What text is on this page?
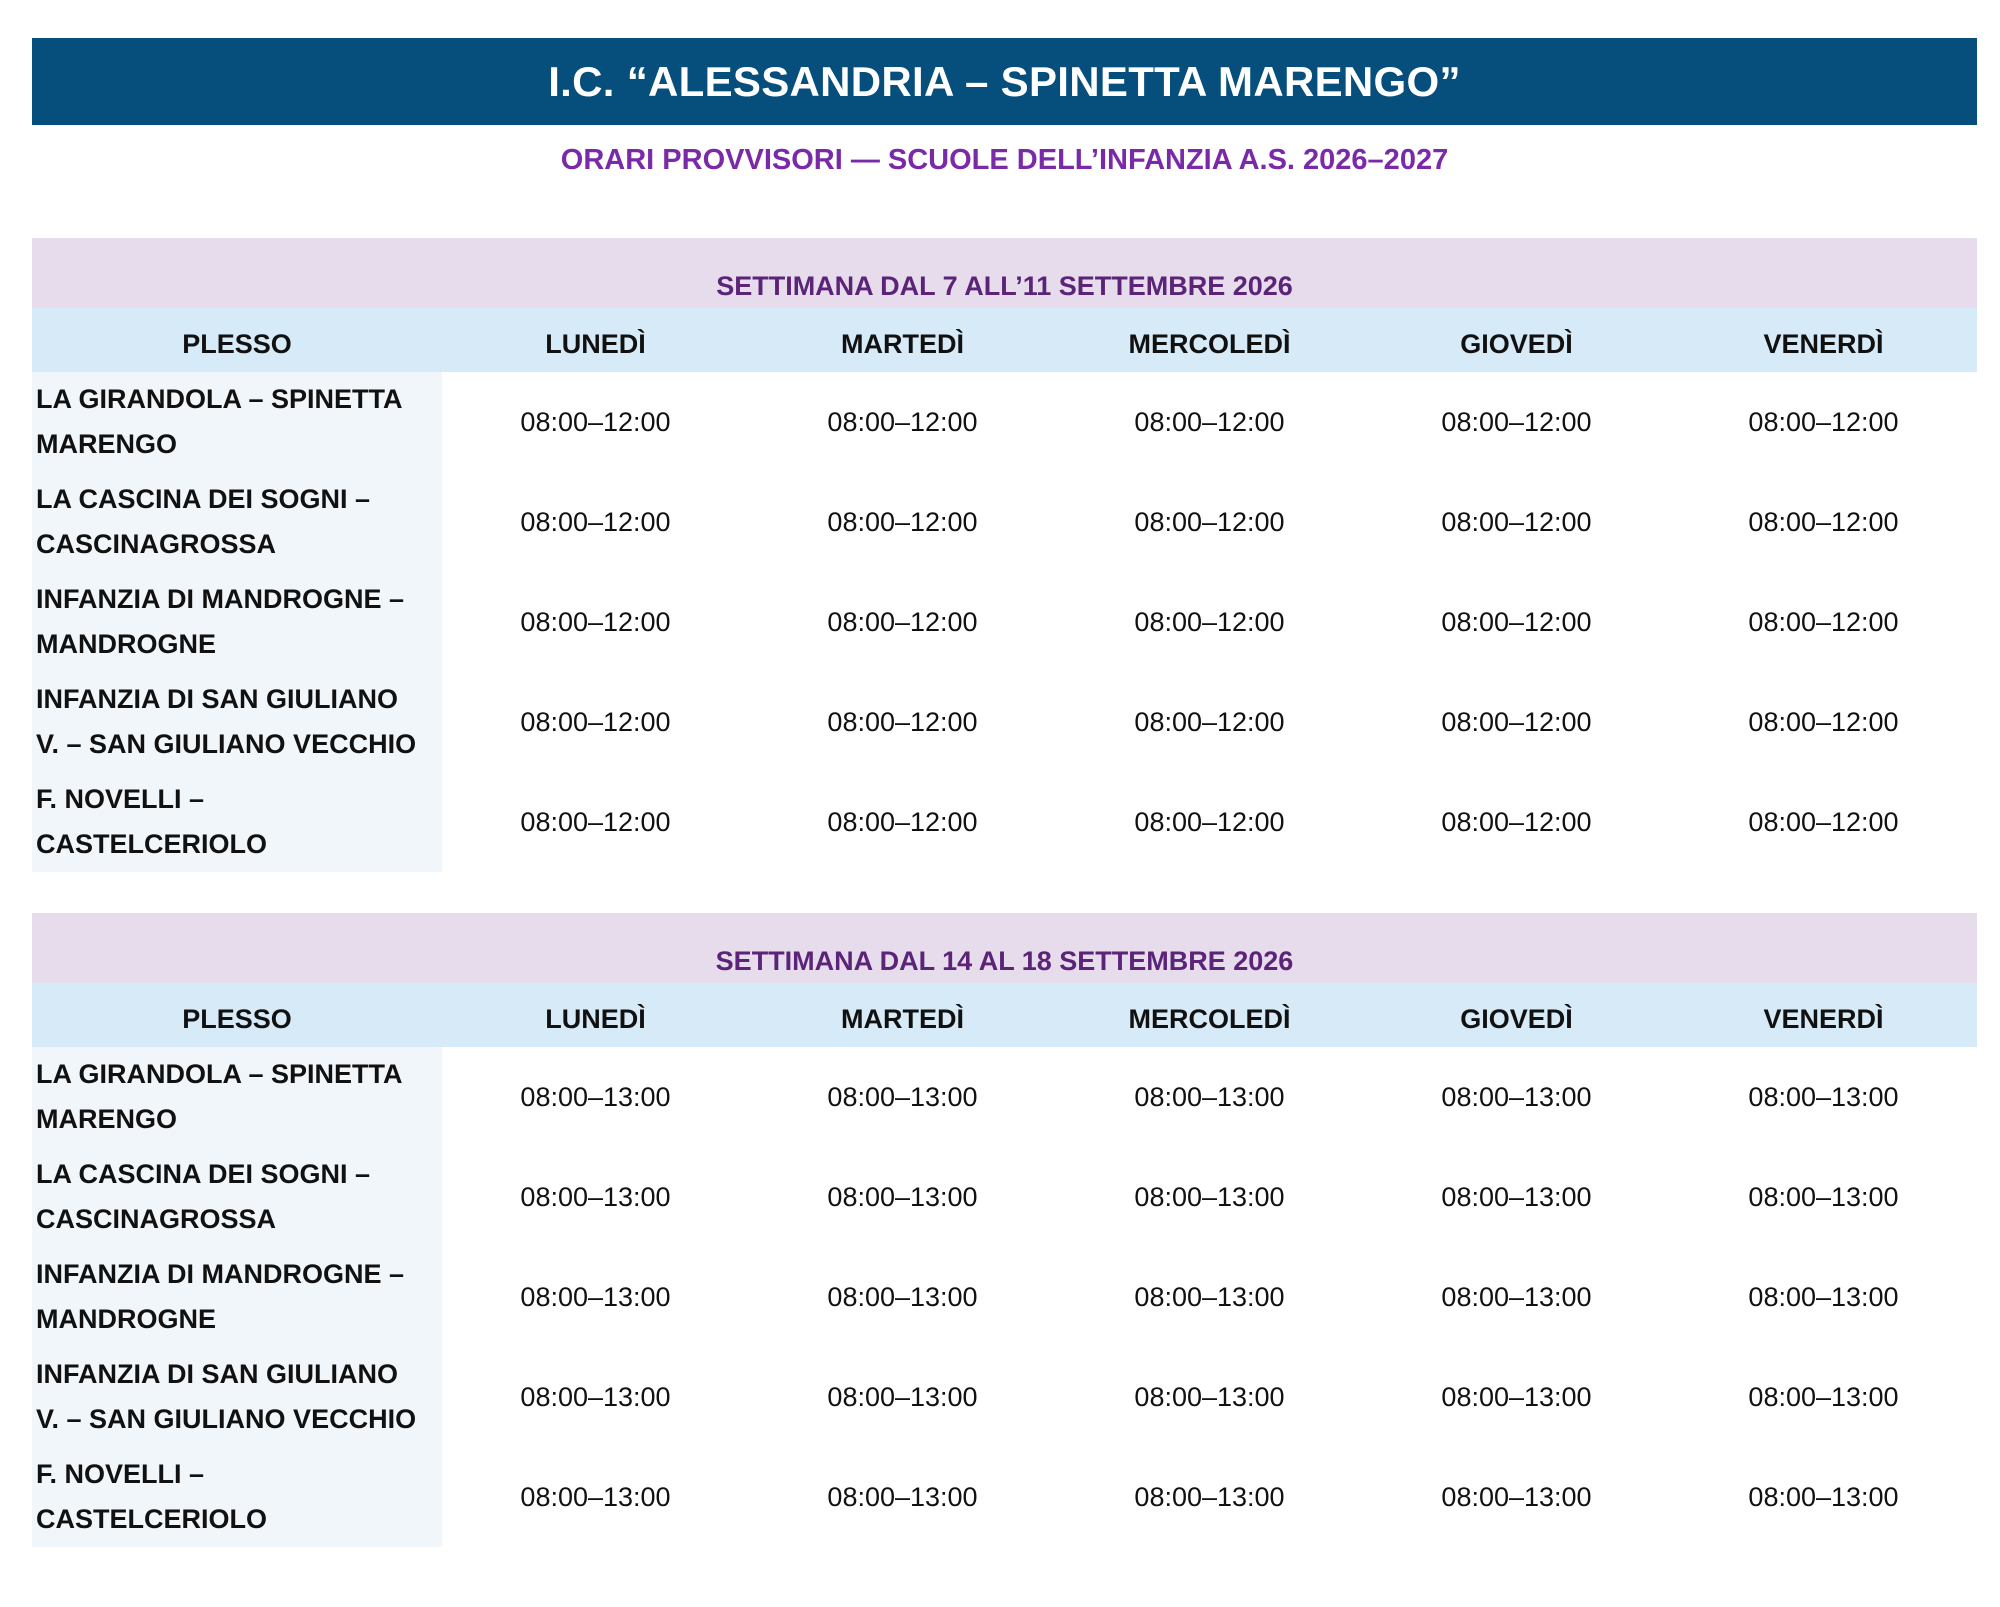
I.C. “ALESSANDRIA – SPINETTA MARENGO”
ORARI PROVVISORI — SCUOLE DELL’INFANZIA A.S. 2026–2027
SETTIMANA DAL 7 ALL’11 SETTEMBRE 2026
PLESSO	LUNEDÌ	MARTEDÌ	MERCOLEDÌ	GIOVEDÌ	VENERDÌ
LA GIRANDOLA – SPINETTA MARENGO
08:00–12:00	08:00–12:00	08:00–12:00	08:00–12:00	08:00–12:00
LA CASCINA DEI SOGNI – CASCINAGROSSA
08:00–12:00	08:00–12:00	08:00–12:00	08:00–12:00	08:00–12:00
INFANZIA DI MANDROGNE – MANDROGNE
08:00–12:00	08:00–12:00	08:00–12:00	08:00–12:00	08:00–12:00
INFANZIA DI SAN GIULIANO V. – SAN GIULIANO VECCHIO
08:00–12:00	08:00–12:00	08:00–12:00	08:00–12:00	08:00–12:00
F. NOVELLI – CASTELCERIOLO
08:00–12:00	08:00–12:00	08:00–12:00	08:00–12:00	08:00–12:00
SETTIMANA DAL 14 AL 18 SETTEMBRE 2026
PLESSO	LUNEDÌ	MARTEDÌ	MERCOLEDÌ	GIOVEDÌ	VENERDÌ
LA GIRANDOLA – SPINETTA MARENGO
08:00–13:00	08:00–13:00	08:00–13:00	08:00–13:00	08:00–13:00
LA CASCINA DEI SOGNI – CASCINAGROSSA
08:00–13:00	08:00–13:00	08:00–13:00	08:00–13:00	08:00–13:00
INFANZIA DI MANDROGNE – MANDROGNE
08:00–13:00	08:00–13:00	08:00–13:00	08:00–13:00	08:00–13:00
INFANZIA DI SAN GIULIANO V. – SAN GIULIANO VECCHIO
08:00–13:00	08:00–13:00	08:00–13:00	08:00–13:00	08:00–13:00
F. NOVELLI – CASTELCERIOLO
08:00–13:00	08:00–13:00	08:00–13:00	08:00–13:00	08:00–13:00
